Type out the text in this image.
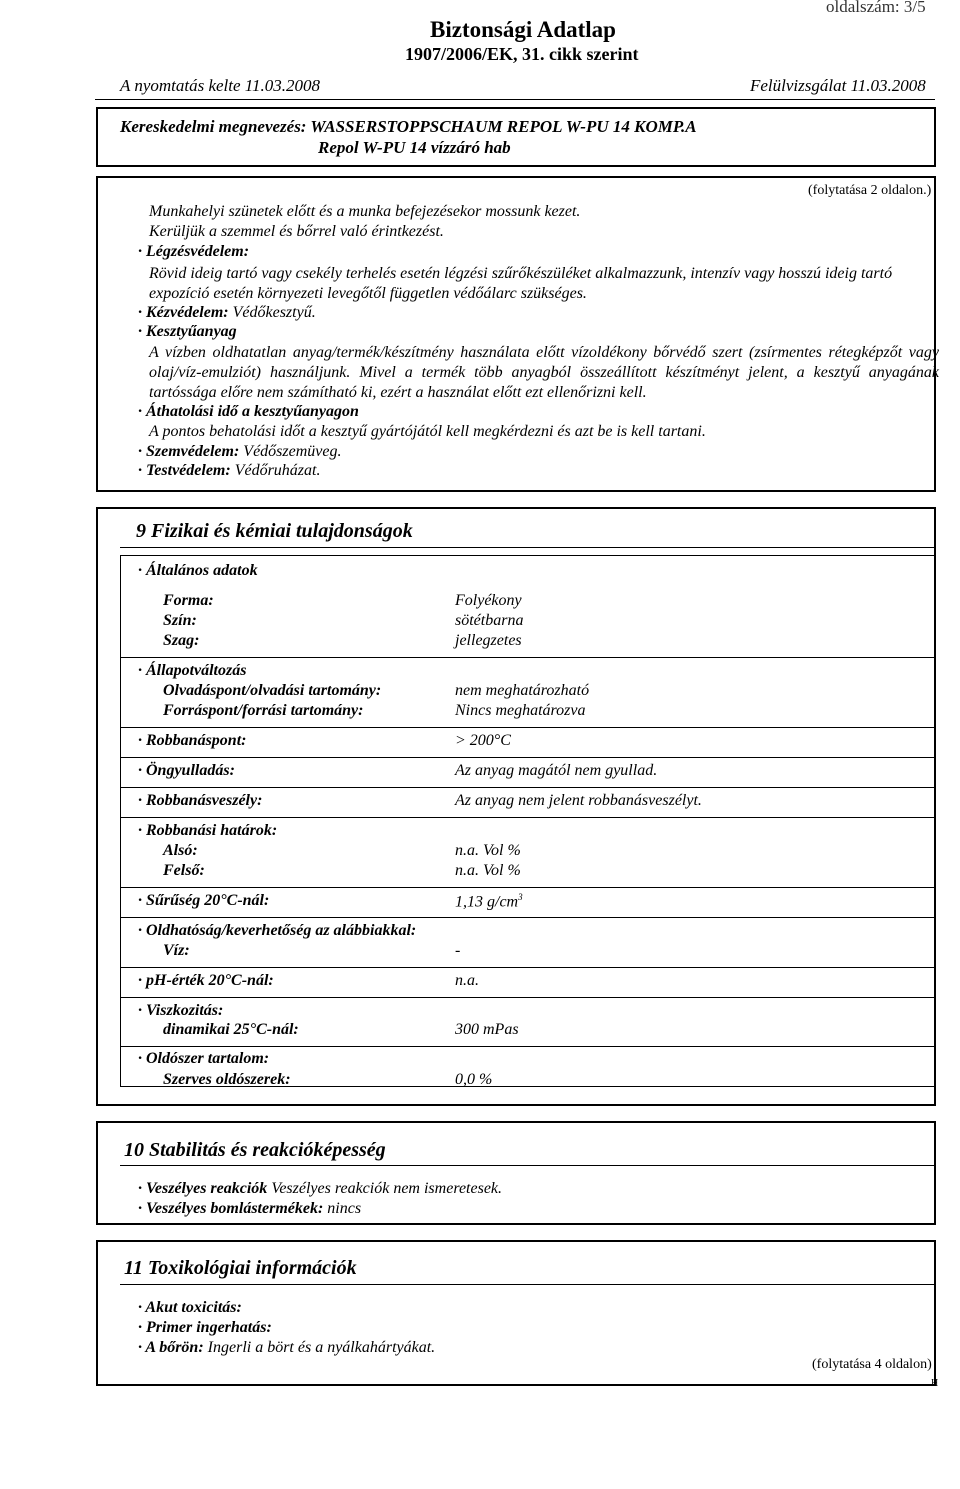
oldalszám: 3/5
Biztonsági Adatlap
1907/2006/EK, 31. cikk szerint
A nyomtatás kelte 11.03.2008	Felülvizsgálat 11.03.2008
Kereskedelmi megnevezés: WASSERSTOPPSCHAUM REPOL W-PU 14 KOMP.A
Repol W-PU 14 vízzáró hab
(folytatása 2 oldalon.)
Munkahelyi szünetek előtt és a munka befejezésekor mossunk kezet.
Kerüljük a szemmel és bőrrel való érintkezést.
· Légzésvédelem:
Rövid ideig tartó vagy csekély terhelés esetén légzési szűrőkészüléket alkalmazzunk, intenzív vagy hosszú ideig tartó expozíció esetén környezeti levegőtől független védőálarc szükséges.
· Kézvédelem: Védőkesztyű.
· Kesztyűanyag
A vízben oldhatatlan anyag/termék/készítmény használata előtt vízoldékony bőrvédő szert (zsírmentes rétegképzőt vagy olaj/víz-emulziót) használjunk. Mivel a termék több anyagból összeállított készítményt jelent, a kesztyű anyagának tartóssága előre nem számítható ki, ezért a használat előtt ezt ellenőrizni kell.
· Áthatolási idő a kesztyűanyagon
A pontos behatolási időt a kesztyű gyártójától kell megkérdezni és azt be is kell tartani.
· Szemvédelem: Védőszemüveg.
· Testvédelem: Védőruházat.
9 Fizikai és kémiai tulajdonságok
· Általános adatok
Forma:	Folyékony
Szín:	sötétbarna
Szag:	jellegzetes
· Állapotváltozás
Olvadáspont/olvadási tartomány:	nem meghatározható
Forráspont/forrási tartomány:	Nincs meghatározva
· Robbanáspont:	> 200°C
· Öngyulladás:	Az anyag magától nem gyullad.
· Robbanásveszély:	Az anyag nem jelent robbanásveszélyt.
· Robbanási határok:
Alsó:	n.a. Vol %
Felső:	n.a. Vol %
· Sűrűség 20°C-nál:	1,13 $g/cm^3$
· Oldhatóság/keverhetőség az alábbiakkal:
Víz:	-
· pH-érték 20°C-nál:	n.a.
· Viszkozitás:
dinamikai 25°C-nál:	300 mPas
· Oldószer tartalom:
Szerves oldószerek:	0,0 %
10 Stabilitás és reakcióképesség
· Veszélyes reakciók Veszélyes reakciók nem ismeretesek.
· Veszélyes bomlástermékek: nincs
11 Toxikológiai információk
· Akut toxicitás:
· Primer ingerhatás:
· A bőrön: Ingerli a bört és a nyálkahártyákat.
(folytatása 4 oldalon)
H
